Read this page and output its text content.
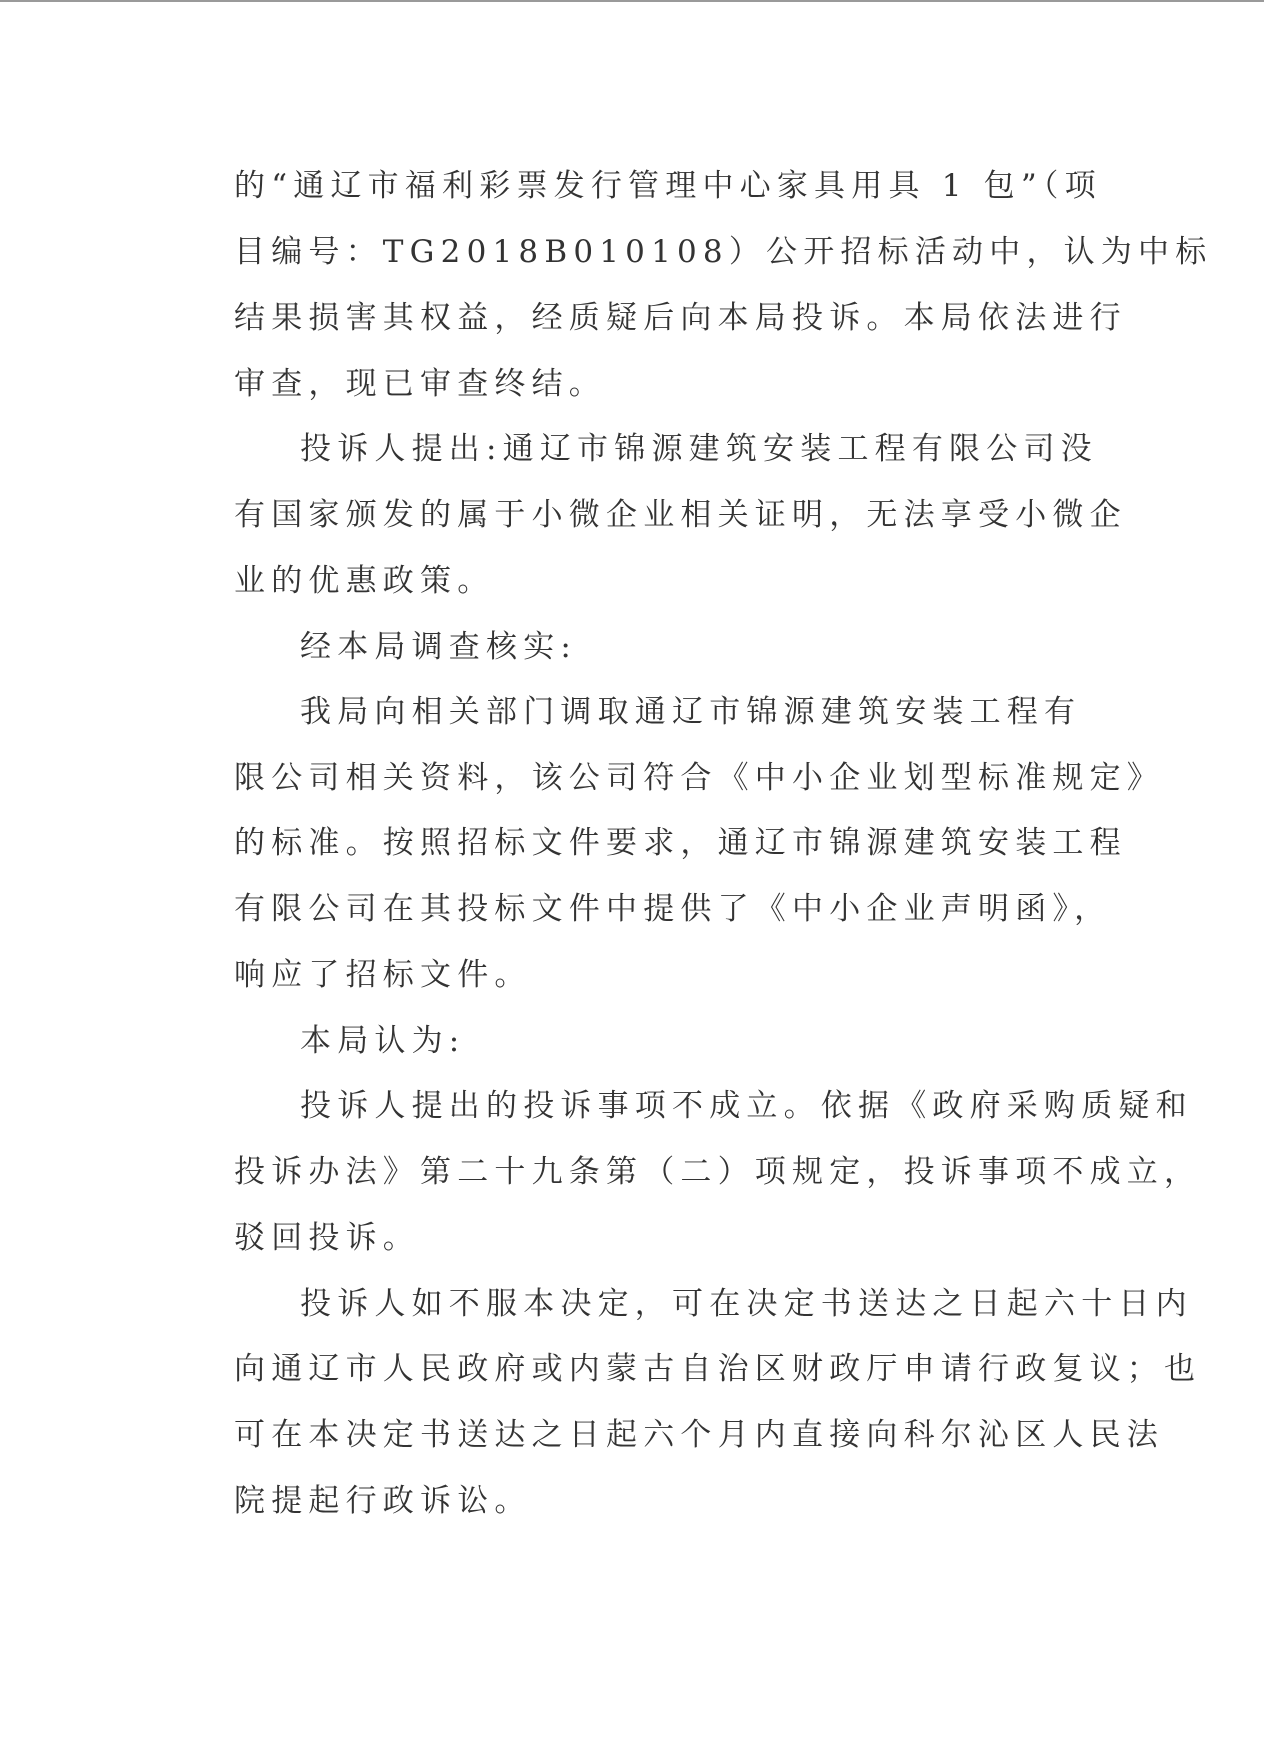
的“通辽市福利彩票发行管理中心家具用具 1 包”（项
目编号：TG2018B010108）公开招标活动中，认为中标
结果损害其权益，经质疑后向本局投诉。本局依法进行
审查，现已审查终结。
投诉人提出:通辽市锦源建筑安装工程有限公司没
有国家颁发的属于小微企业相关证明，无法享受小微企
业的优惠政策。
经本局调查核实:
我局向相关部门调取通辽市锦源建筑安装工程有
限公司相关资料，该公司符合《中小企业划型标准规定》
的标准。按照招标文件要求，通辽市锦源建筑安装工程
有限公司在其投标文件中提供了《中小企业声明函》，
响应了招标文件。
本局认为:
投诉人提出的投诉事项不成立。依据《政府采购质疑和
投诉办法》第二十九条第（二）项规定，投诉事项不成立，
驳回投诉。
投诉人如不服本决定，可在决定书送达之日起六十日内
向通辽市人民政府或内蒙古自治区财政厅申请行政复议；也
可在本决定书送达之日起六个月内直接向科尔沁区人民法
院提起行政诉讼。
